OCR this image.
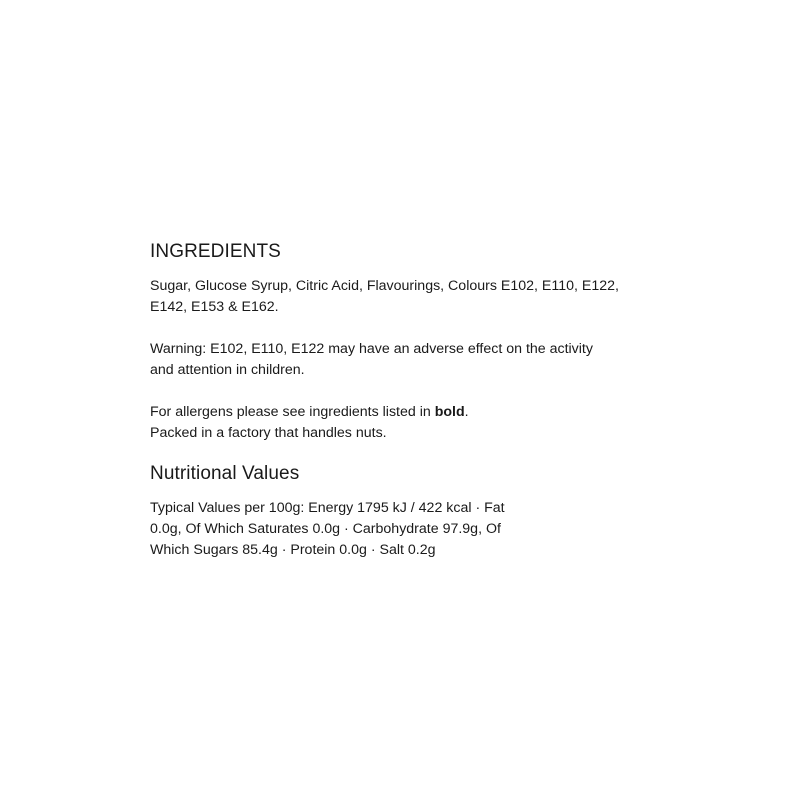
INGREDIENTS

Sugar, Glucose Syrup, Citric Acid, Flavourings, Colours E102, E110, E122,
E142, E153 & E162.

Warning: E102, E110, E122 may have an adverse effect on the activity
and attention in children.

For allergens please see ingredients listed in bold.
Packed in a factory that handles nuts.

Nutritional Values

Typical Values per 100g: Energy 1795 kJ / 422 kcal · Fat
0.0g, Of Which Saturates 0.0g · Carbohydrate 97.9g, Of
Which Sugars 85.4g · Protein 0.0g · Salt 0.2g
